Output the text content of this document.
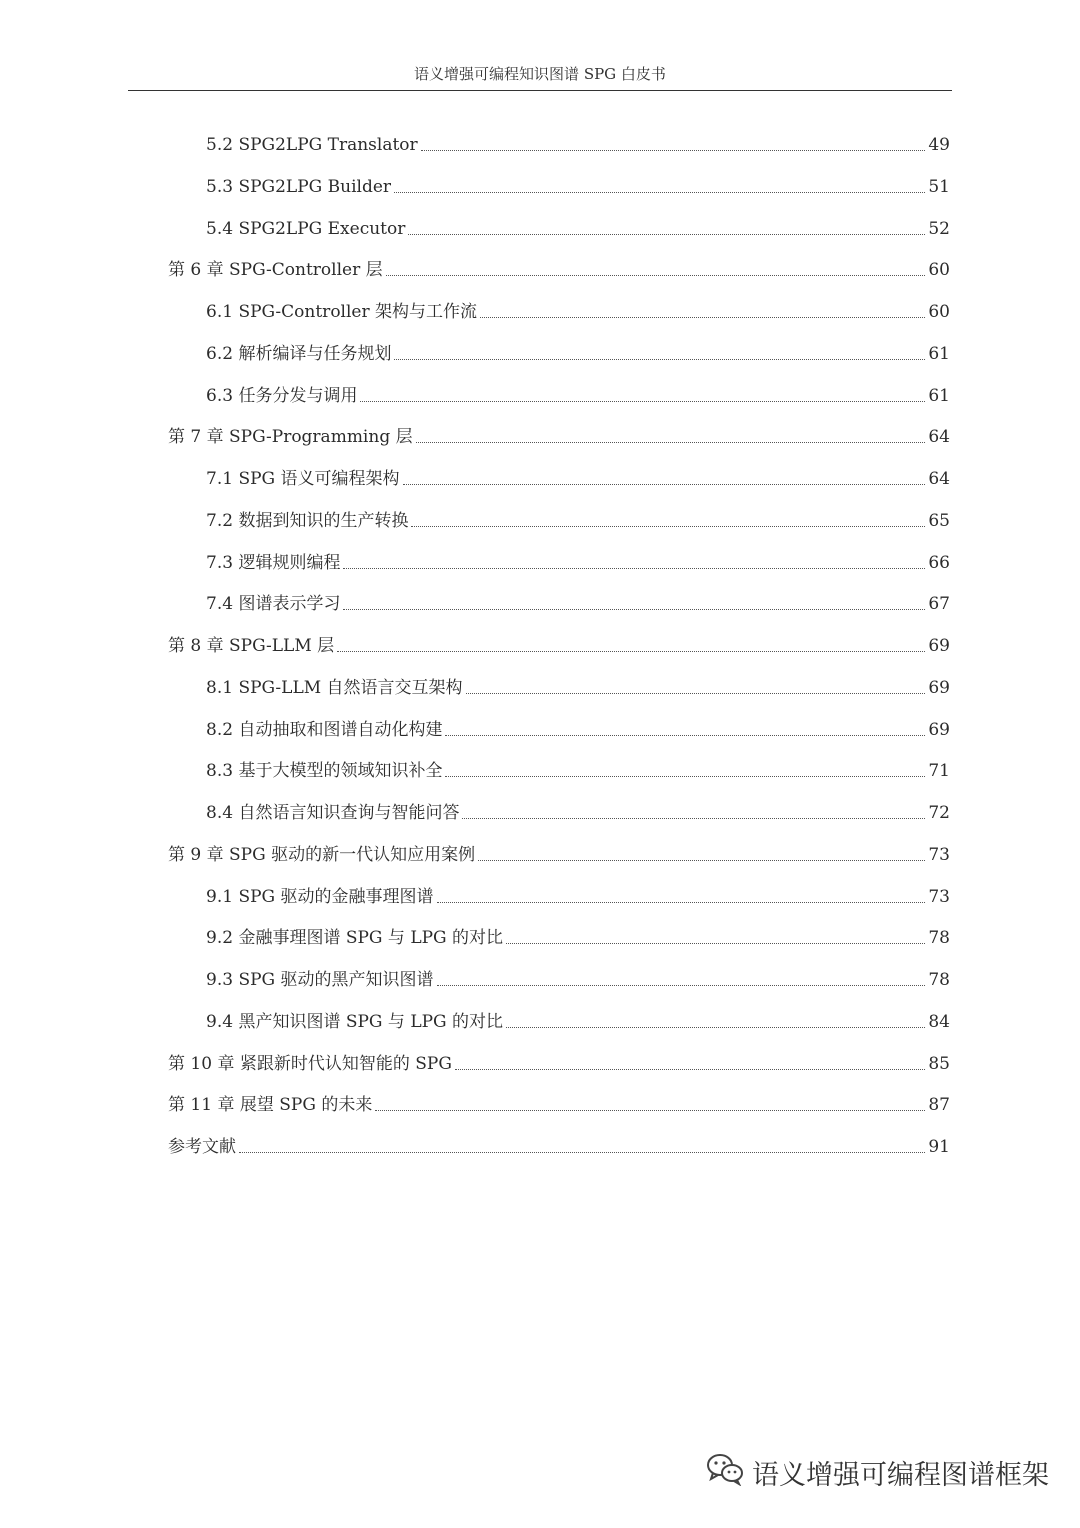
语义增强可编程知识图谱 SPG 白皮书
5.2 SPG2LPG Translator	49
5.3 SPG2LPG Builder	51
5.4 SPG2LPG Executor	52
第 6 章 SPG-Controller 层	60
6.1 SPG-Controller 架构与工作流	60
6.2 解析编译与任务规划	61
6.3 任务分发与调用	61
第 7 章 SPG-Programming 层	64
7.1 SPG 语义可编程架构	64
7.2 数据到知识的生产转换	65
7.3 逻辑规则编程	66
7.4 图谱表示学习	67
第 8 章 SPG-LLM 层	69
8.1 SPG-LLM 自然语言交互架构	69
8.2 自动抽取和图谱自动化构建	69
8.3 基于大模型的领域知识补全	71
8.4 自然语言知识查询与智能问答	72
第 9 章 SPG 驱动的新一代认知应用案例	73
9.1 SPG 驱动的金融事理图谱	73
9.2 金融事理图谱 SPG 与 LPG 的对比	78
9.3 SPG 驱动的黑产知识图谱	78
9.4 黑产知识图谱 SPG 与 LPG 的对比	84
第 10 章 紧跟新时代认知智能的 SPG	85
第 11 章 展望 SPG 的未来	87
参考文献	91
语义增强可编程图谱框架
